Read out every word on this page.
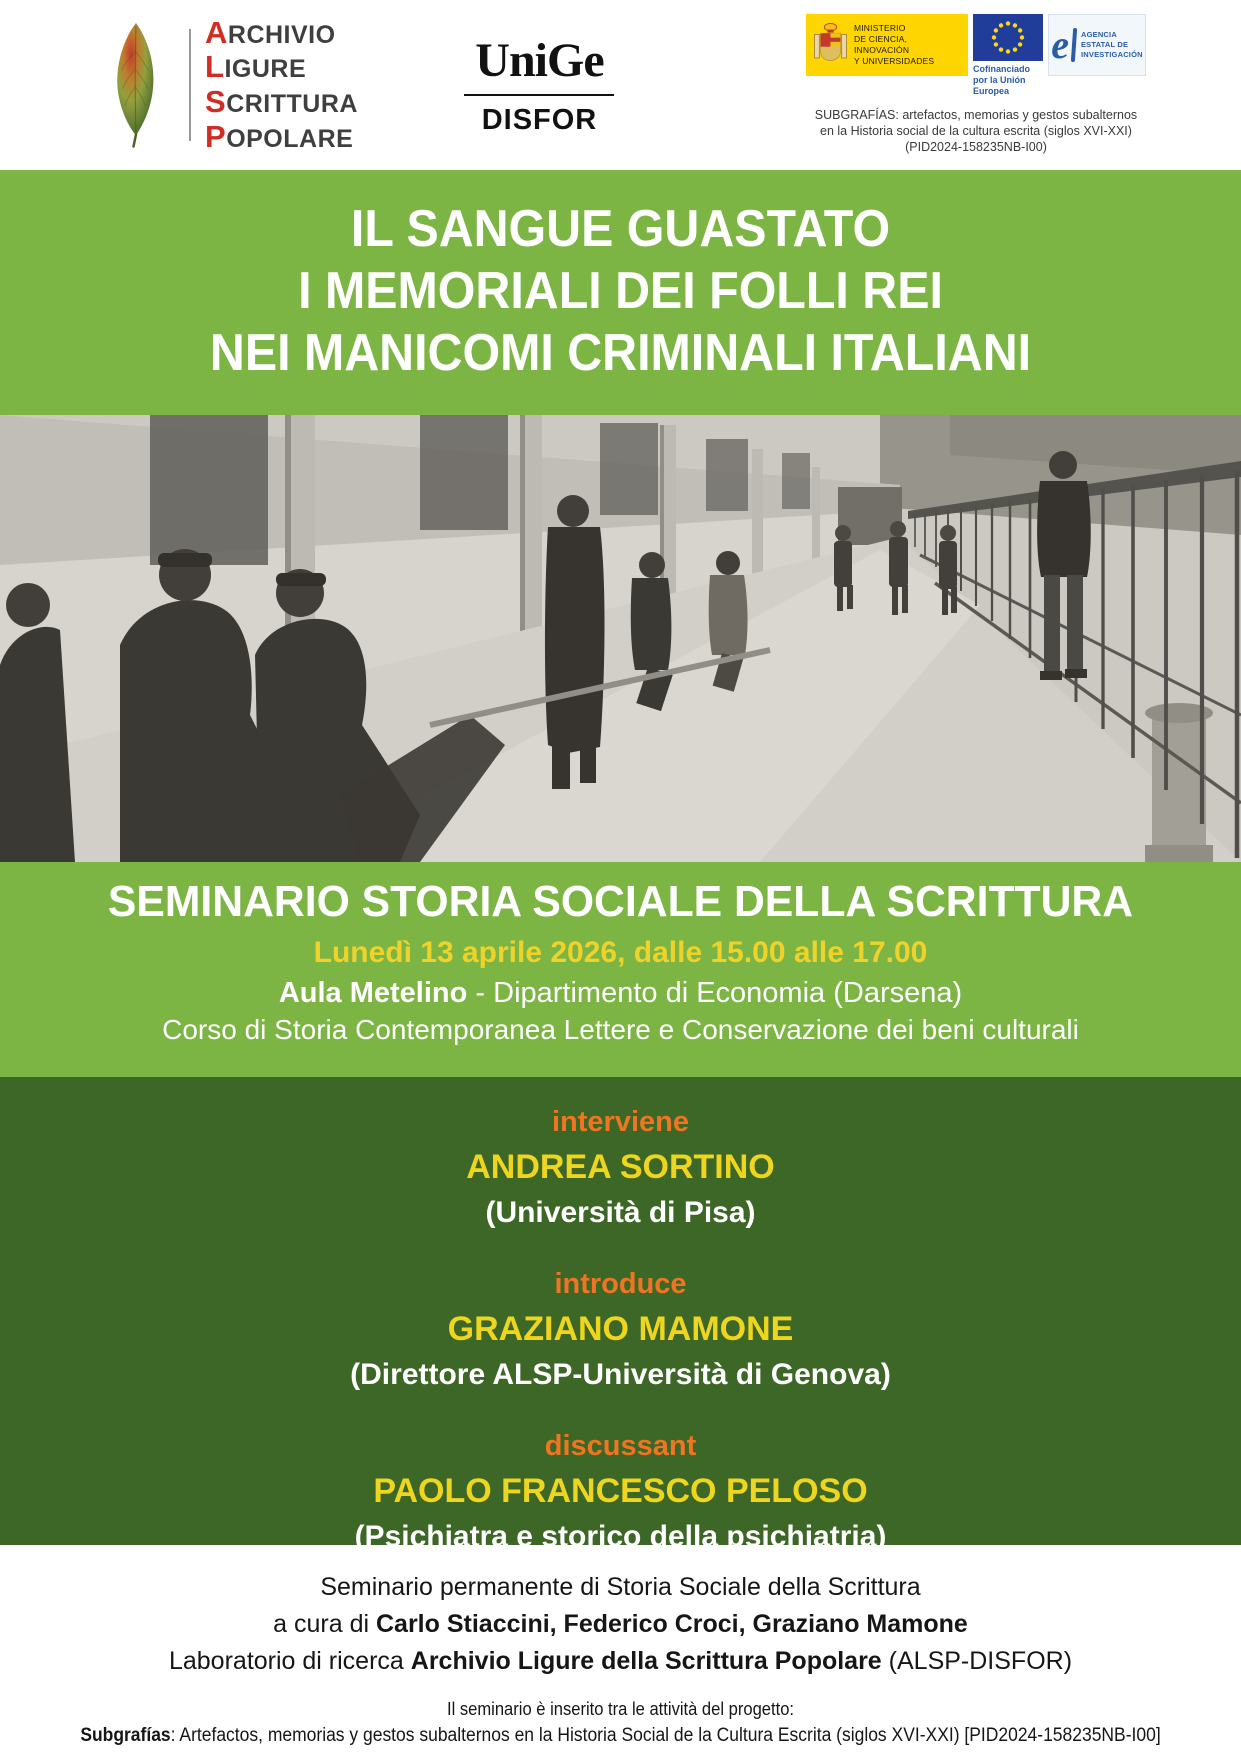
ARCHIVIO
LIGURE
SCRITTURA
POPOLARE
UniGe
DISFOR
MINISTERIO
DE CIENCIA, INNOVACIÓN
Y UNIVERSIDADES
Cofinanciado por la Unión Europea
e AGENCIA
ESTATAL DE
INVESTIGACIÓN
SUBGRAFÍAS: artefactos, memorias y gestos subalternos
en la Historia social de la cultura escrita (siglos XVI-XXI)
(PID2024-158235NB-I00)
IL SANGUE GUASTATO
I MEMORIALI DEI FOLLI REI
NEI MANICOMI CRIMINALI ITALIANI
SEMINARIO STORIA SOCIALE DELLA SCRITTURA
Lunedì 13 aprile 2026, dalle 15.00 alle 17.00
Aula Metelino - Dipartimento di Economia (Darsena)
Corso di Storia Contemporanea Lettere e Conservazione dei beni culturali
interviene
ANDREA SORTINO
(Università di Pisa)
introduce
GRAZIANO MAMONE
(Direttore ALSP-Università di Genova)
discussant
PAOLO FRANCESCO PELOSO
(Psichiatra e storico della psichiatria)
Seminario permanente di Storia Sociale della Scrittura
a cura di Carlo Stiaccini, Federico Croci, Graziano Mamone
Laboratorio di ricerca Archivio Ligure della Scrittura Popolare (ALSP-DISFOR)
Il seminario è inserito tra le attività del progetto:
Subgrafías: Artefactos, memorias y gestos subalternos en la Historia Social de la Cultura Escrita (siglos XVI-XXI) [PID2024-158235NB-I00]
